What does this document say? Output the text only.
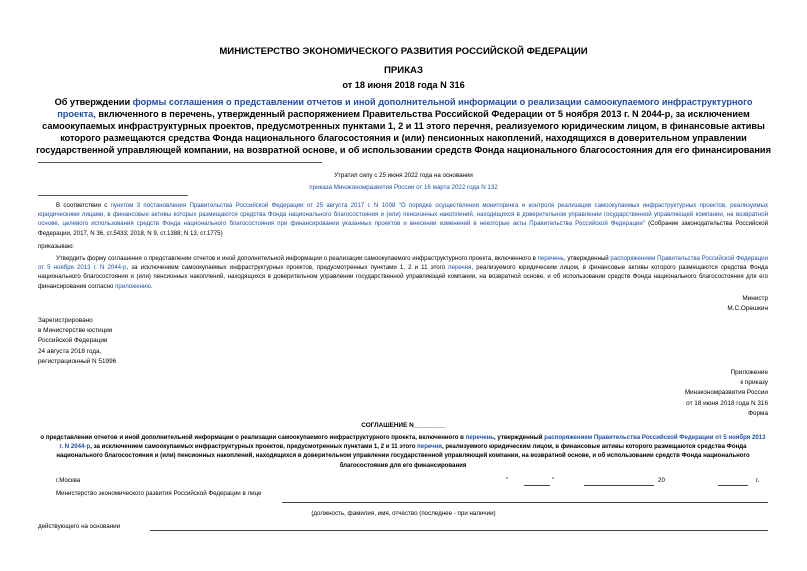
МИНИСТЕРСТВО ЭКОНОМИЧЕСКОГО РАЗВИТИЯ РОССИЙСКОЙ ФЕДЕРАЦИИ
ПРИКАЗ
от 18 июня 2018 года N 316
Об утверждении формы соглашения о представлении отчетов и иной дополнительной информации о реализации самоокупаемого инфраструктурного проекта, включенного в перечень, утвержденный распоряжением Правительства Российской Федерации от 5 ноября 2013 г. N 2044-р, за исключением самоокупаемых инфраструктурных проектов, предусмотренных пунктами 1, 2 и 11 этого перечня, реализуемого юридическим лицом, в финансовые активы которого размещаются средства Фонда национального благосостояния и (или) пенсионных накоплений, находящихся в доверительном управлении государственной управляющей компании, на возвратной основе, и об использовании средств Фонда национального благосостояния для его финансирования
Утратил силу с 25 июня 2022 года на основании
приказа Минэкономразвития России от 16 марта 2022 года N 132
В соответствии с пунктом 3 постановления Правительства Российской Федерации от 25 августа 2017 г. N 1008 "О порядке осуществления мониторинга и контроля реализации самоокупаемых инфраструктурных проектов, реализуемых юридическими лицами, в финансовые активы которых размещаются средства Фонда национального благосостояния и (или) пенсионных накоплений, находящихся в доверительном управлении государственной управляющей компании, на возвратной основе, целевого использования средств Фонда национального благосостояния при финансировании указанных проектов и внесении изменений в некоторые акты Правительства Российской Федерации" (Собрание законодательства Российской Федерации, 2017, N 36, ст.5433; 2018, N 9, ст.1388; N 13, ст.1775)
приказываю:
Утвердить форму соглашения о представлении отчетов и иной дополнительной информации о реализации самоокупаемого инфраструктурного проекта, включенного в перечень, утвержденный распоряжением Правительства Российской Федерации от 5 ноября 2013 г. N 2044-р, за исключением самоокупаемых инфраструктурных проектов, предусмотренных пунктами 1, 2 и 11 этого перечня, реализуемого юридическим лицом, в финансовые активы которого размещаются средства Фонда национального благосостояния и (или) пенсионных накоплений, находящихся в доверительном управлении государственной управляющей компании, на возвратной основе, и об использовании средств Фонда национального благосостояния для его финансирования согласно приложению.
Министр
М.С.Орешкин
Зарегистрировано
в Министерстве юстиции
Российской Федерации
24 августа 2018 года,
регистрационный N 51996
Приложение
к приказу
Минэкономразвития России
от 18 июня 2018 года N 316
Форма
СОГЛАШЕНИЕ N_________
о представлении отчетов и иной дополнительной информации о реализации самоокупаемого инфраструктурного проекта, включенного в перечень, утвержденный распоряжением Правительства Российской Федерации от 5 ноября 2013 г. N 2044-р, за исключением самоокупаемых инфраструктурных проектов, предусмотренных пунктами 1, 2 и 11 этого перечня, реализуемого юридическим лицом, в финансовые активы которого размещаются средства Фонда национального благосостояния и (или) пенсионных накоплений, находящихся в доверительном управлении государственной управляющей компании, на возвратной основе, и об использовании средств Фонда национального благосостояния для его финансирования
г.Москва	"	"	20	г.
Министерство экономического развития Российской Федерации в лице
(должность, фамилия, имя, отчество (последнее - при наличии)
действующего на основании
